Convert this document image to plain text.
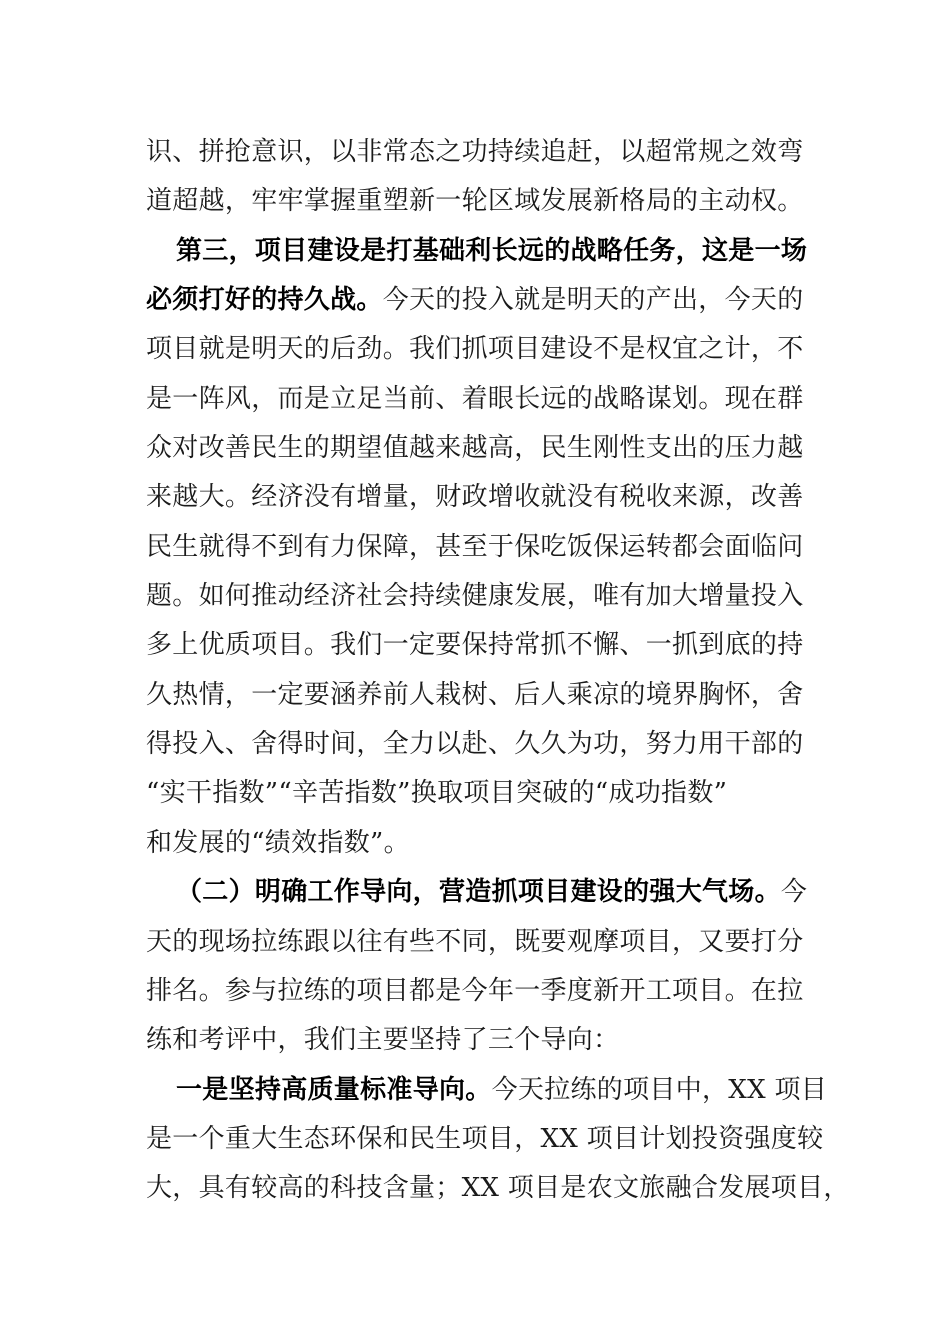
识、拼抢意识，以非常态之功持续追赶，以超常规之效弯
道超越，牢牢掌握重塑新一轮区域发展新格局的主动权。
第三，项目建设是打基础利长远的战略任务，这是一场
必须打好的持久战。今天的投入就是明天的产出，今天的
项目就是明天的后劲。我们抓项目建设不是权宜之计，不
是一阵风，而是立足当前、着眼长远的战略谋划。现在群
众对改善民生的期望值越来越高，民生刚性支出的压力越
来越大。经济没有增量，财政增收就没有税收来源，改善
民生就得不到有力保障，甚至于保吃饭保运转都会面临问
题。如何推动经济社会持续健康发展，唯有加大增量投入
多上优质项目。我们一定要保持常抓不懈、一抓到底的持
久热情，一定要涵养前人栽树、后人乘凉的境界胸怀，舍
得投入、舍得时间，全力以赴、久久为功，努力用干部的
“实干指数”“辛苦指数”换取项目突破的“成功指数”
和发展的“绩效指数”。
（二）明确工作导向，营造抓项目建设的强大气场。今
天的现场拉练跟以往有些不同，既要观摩项目，又要打分
排名。参与拉练的项目都是今年一季度新开工项目。在拉
练和考评中，我们主要坚持了三个导向：
一是坚持高质量标准导向。今天拉练的项目中，XX 项目
是一个重大生态环保和民生项目，XX 项目计划投资强度较
大，具有较高的科技含量；XX 项目是农文旅融合发展项目，
